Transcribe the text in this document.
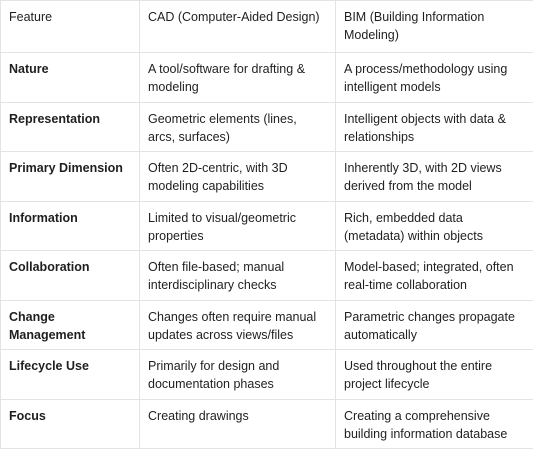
Feature	CAD (Computer-Aided Design)	BIM (Building Information Modeling)
Nature	A tool/software for drafting & modeling	A process/methodology using intelligent models
Representation	Geometric elements (lines, arcs, surfaces)	Intelligent objects with data & relationships
Primary Dimension	Often 2D-centric, with 3D modeling capabilities	Inherently 3D, with 2D views derived from the model
Information	Limited to visual/geometric properties	Rich, embedded data (metadata) within objects
Collaboration	Often file-based; manual interdisciplinary checks	Model-based; integrated, often real-time collaboration
Change Management	Changes often require manual updates across views/files	Parametric changes propagate automatically
Lifecycle Use	Primarily for design and documentation phases	Used throughout the entire project lifecycle
Focus	Creating drawings	Creating a comprehensive building information database
